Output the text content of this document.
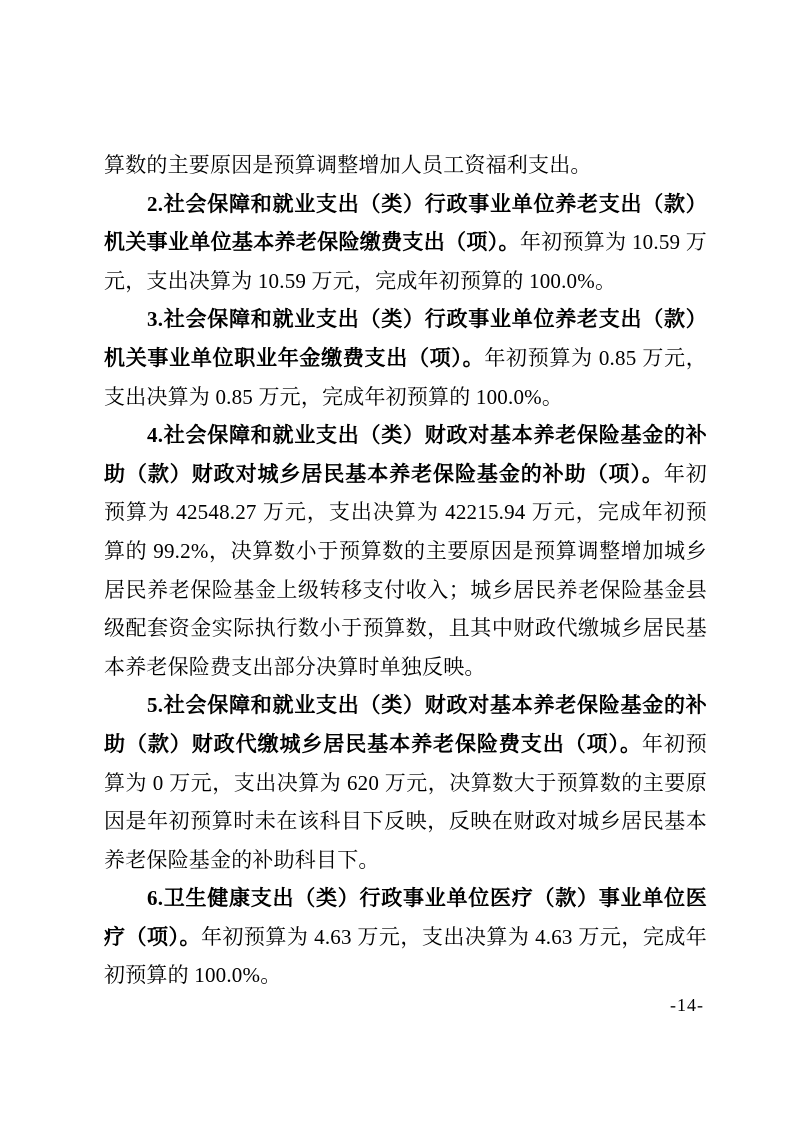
算数的主要原因是预算调整增加人员工资福利支出。

2.社会保障和就业支出（类）行政事业单位养老支出（款）机关事业单位基本养老保险缴费支出（项）。年初预算为 10.59 万元，支出决算为 10.59 万元，完成年初预算的 100.0%。

3.社会保障和就业支出（类）行政事业单位养老支出（款）机关事业单位职业年金缴费支出（项）。年初预算为 0.85 万元，支出决算为 0.85 万元，完成年初预算的 100.0%。

4.社会保障和就业支出（类）财政对基本养老保险基金的补助（款）财政对城乡居民基本养老保险基金的补助（项）。年初预算为 42548.27 万元，支出决算为 42215.94 万元，完成年初预算的 99.2%，决算数小于预算数的主要原因是预算调整增加城乡居民养老保险基金上级转移支付收入；城乡居民养老保险基金县级配套资金实际执行数小于预算数，且其中财政代缴城乡居民基本养老保险费支出部分决算时单独反映。

5.社会保障和就业支出（类）财政对基本养老保险基金的补助（款）财政代缴城乡居民基本养老保险费支出（项）。年初预算为 0 万元，支出决算为 620 万元，决算数大于预算数的主要原因是年初预算时未在该科目下反映，反映在财政对城乡居民基本养老保险基金的补助科目下。

6.卫生健康支出（类）行政事业单位医疗（款）事业单位医疗（项）。年初预算为 4.63 万元，支出决算为 4.63 万元，完成年初预算的 100.0%。

-14-
